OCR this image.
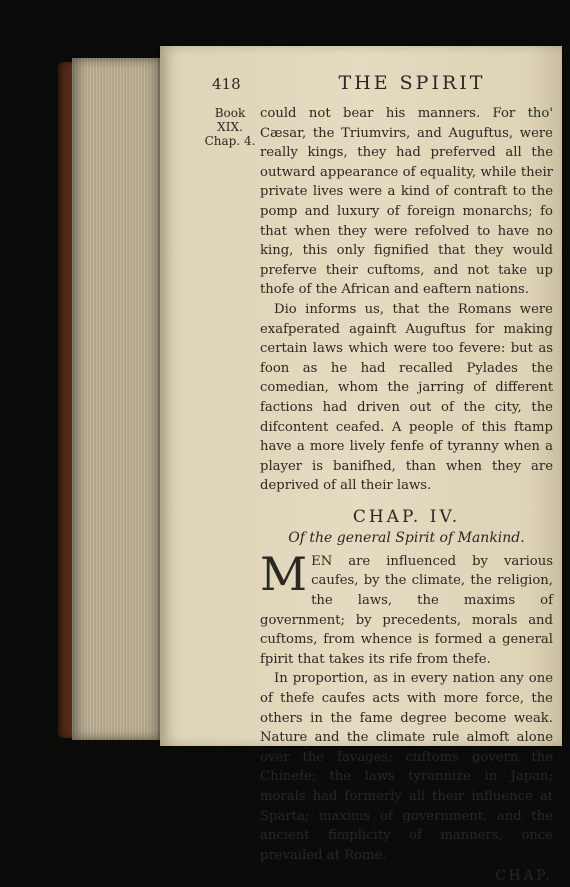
418	THE SPIRIT
Book
XIX.
Chap. 4.

could not bear his manners. For tho' Cæsar, the Triumvirs, and Auguftus, were really kings, they had preferved all the outward appearance of equality, while their private lives were a kind of contraft to the pomp and luxury of foreign monarchs; fo that when they were refolved to have no king, this only fignified that they would preferve their cuftoms, and not take up thofe of the African and eaftern nations.

Dio informs us, that the Romans were exafperated againft Auguftus for making certain laws which were too fevere: but as foon as he had recalled Pylades the comedian, whom the jarring of different factions had driven out of the city, the difcontent ceafed. A people of this ftamp have a more lively fenfe of tyranny when a player is banifhed, than when they are deprived of all their laws.

CHAP. IV.
Of the general Spirit of Mankind.

MEN are influenced by various caufes, by the climate, the religion, the laws, the maxims of government; by precedents, morals and cuftoms, from whence is formed a general fpirit that takes its rife from thefe.

In proportion, as in every nation any one of thefe caufes acts with more force, the others in the fame degree become weak. Nature and the climate rule almoft alone over the favages; cuftoms govern the Chinefe; the laws tyrannize in Japan; morals had formerly all their influence at Sparta; maxims of government, and the ancient fimplicity of manners, once prevailed at Rome.

CHAP.
